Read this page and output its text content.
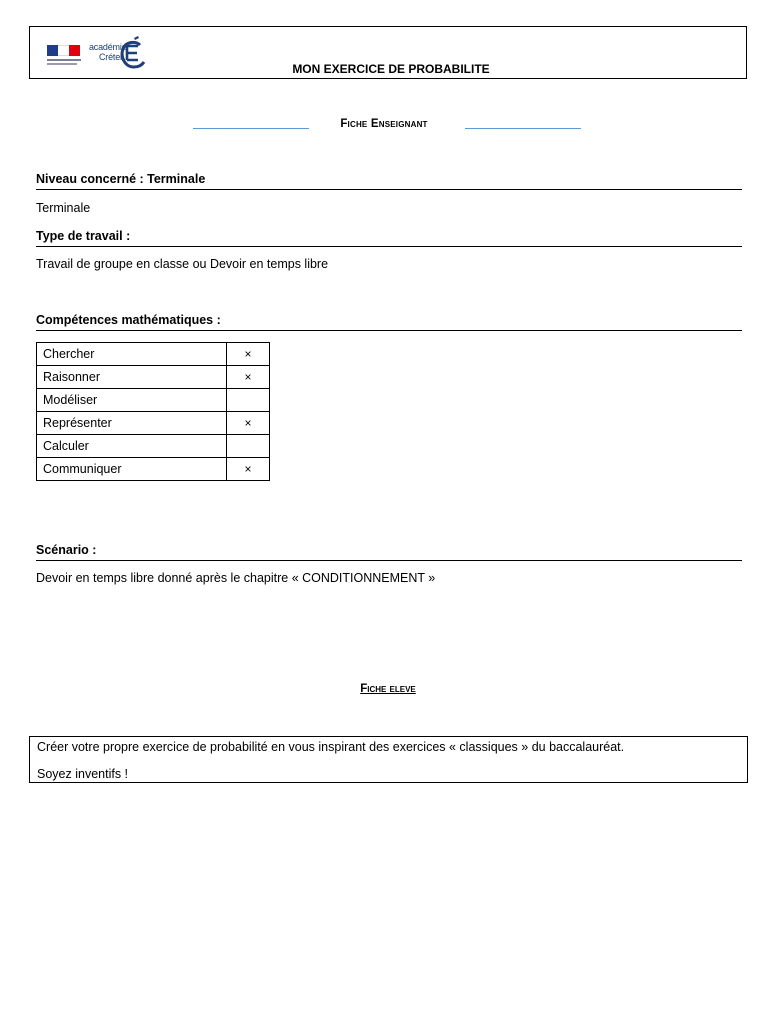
académie
Créteil
MON EXERCICE DE PROBABILITE
Fiche Enseignant
Niveau concerné : Terminale
Terminale
Type de travail :
Travail de groupe en classe ou Devoir en temps libre
Compétences mathématiques :
Chercher	×
Raisonner	×
Modéliser	
Représenter	×
Calculer	
Communiquer	×
Scénario :
Devoir en temps libre donné après le chapitre « CONDITIONNEMENT »
Fiche eleve

Créer votre propre exercice de probabilité en vous inspirant des exercices « classiques » du baccalauréat.

Soyez inventifs !
